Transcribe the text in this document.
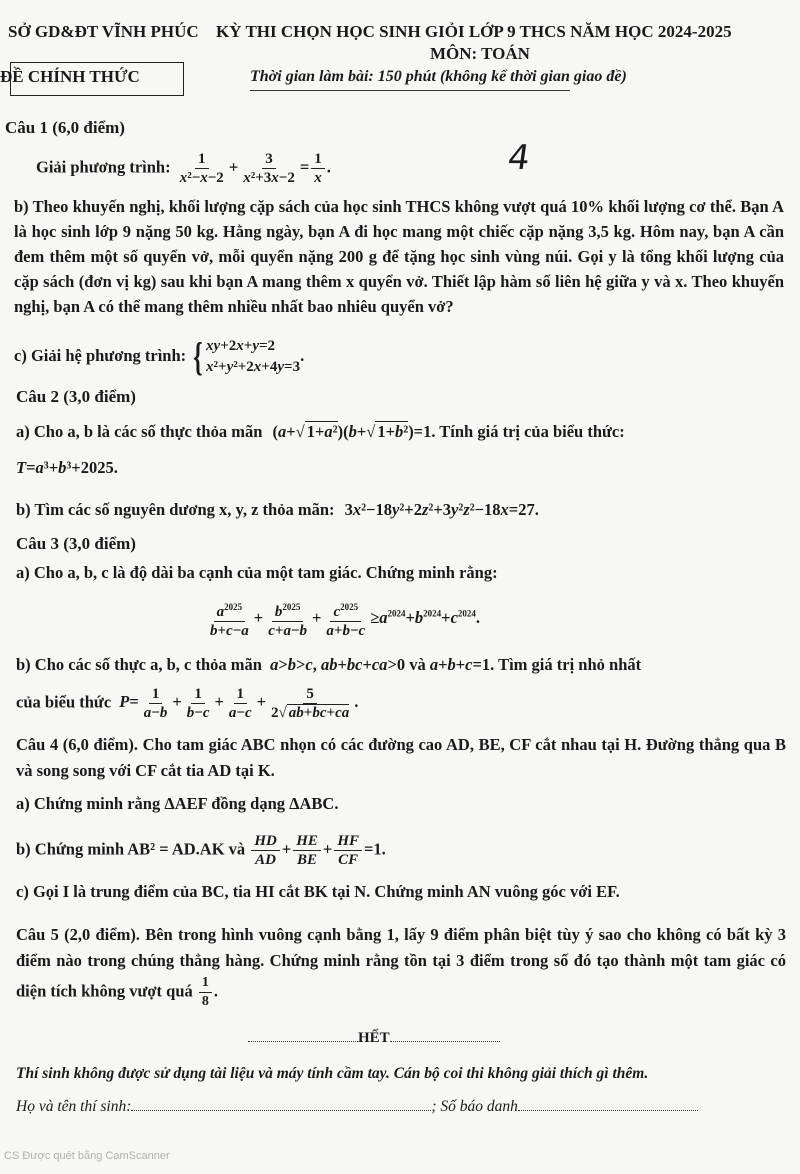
SỞ GD&ĐT VĨNH PHÚC KỲ THI CHỌN HỌC SINH GIỎI LỚP 9 THCS NĂM HỌC 2024-2025
MÔN: TOÁN
ĐỀ CHÍNH THỨC	Thời gian làm bài: 150 phút (không kể thời gian giao đề)
Câu 1 (6,0 điểm)
Giải phương trình: $\frac{1}{\text{x²−x−2}} + \frac{3}{\text{x²+3x−2}} = \frac{1}{x}$ .	4
b) Theo khuyến nghị, khối lượng cặp sách của học sinh THCS không vượt quá 10% khối lượng cơ thể. Bạn A là học sinh lớp 9 nặng 50 kg. Hằng ngày, bạn A đi học mang một chiếc cặp nặng 3,5 kg. Hôm nay, bạn A cần đem thêm một số quyển vở, mỗi quyển nặng 200 g để tặng học sinh vùng núi. Gọi y là tổng khối lượng của cặp sách (đơn vị kg) sau khi bạn A mang thêm x quyển vở. Thiết lập hàm số liên hệ giữa y và x. Theo khuyến nghị, bạn A có thể mang thêm nhiều nhất bao nhiêu quyển vở?
c) Giải hệ phương trình: { xy+2x+y=2
x²+y²+2x+4y=3
.
Câu 2 (3,0 điểm)
a) Cho a, b là các số thực thỏa mãn (a+√ 1+a²)(b+√ 1+b²)=1. Tính giá trị của biểu thức:
T=a³+b³+2025.
b) Tìm các số nguyên dương x, y, z thỏa mãn: 3x²−18y²+2z²+3y²z²−18x=27.
Câu 3 (3,0 điểm)
a) Cho a, b, c là độ dài ba cạnh của một tam giác. Chứng minh rằng:
$\frac{a^{2025}}{b+c-a} + \frac{b^{2025}}{c+a-b} + \frac{c^{2025}}{a+b-c} \ge a^{2024}+b^{2024}+c^{2024}$.
b) Cho các số thực a, b, c thỏa mãn a>b>c, ab+bc+ca>0 và a+b+c=1. Tìm giá trị nhỏ nhất
của biểu thức $P= \frac{1}{a-b} + \frac{1}{b-c} + \frac{1}{a-c} + \frac{5}{2√ ab+bc+ca}$ .
Câu 4 (6,0 điểm). Cho tam giác ABC nhọn có các đường cao AD, BE, CF cắt nhau tại H. Đường thẳng qua B và song song với CF cắt tia AD tại K.
a) Chứng minh rằng ΔAEF đồng dạng ΔABC.
b) Chứng minh AB² = AD.AK và $\frac{HD}{AD} + \frac{HE}{BE} + \frac{HF}{CF} =1$.
c) Gọi I là trung điểm của BC, tia HI cắt BK tại N. Chứng minh AN vuông góc với EF.
Câu 5 (2,0 điểm). Bên trong hình vuông cạnh bằng 1, lấy 9 điểm phân biệt tùy ý sao cho không có bất kỳ 3 điểm nào trong chúng thẳng hàng. Chứng minh rằng tồn tại 3 điểm trong số đó tạo thành một tam giác có diện tích không vượt quá $\frac{1}{8}$ .
HẾT
Thí sinh không được sử dụng tài liệu và máy tính cầm tay. Cán bộ coi thi không giải thích gì thêm.
Họ và tên thí sinh:	; Số báo danh
CS Được quét bằng CamScanner
